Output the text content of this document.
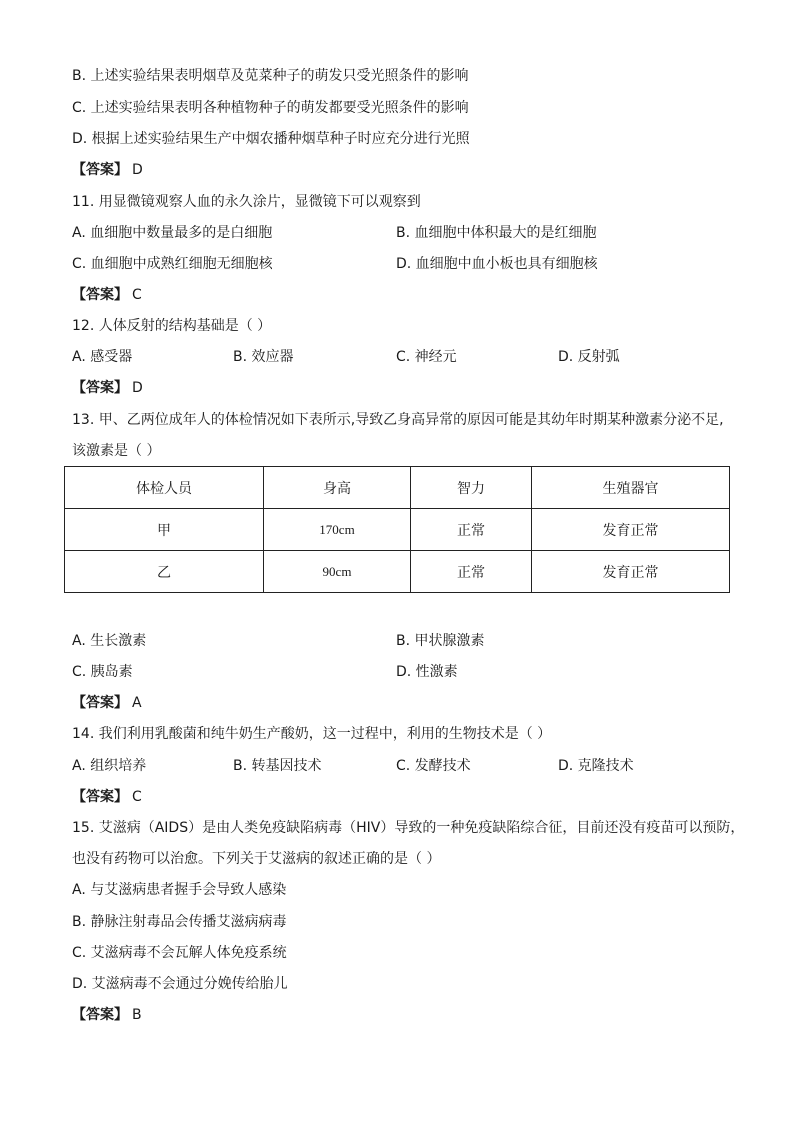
B. 上述实验结果表明烟草及苋菜种子的萌发只受光照条件的影响
C. 上述实验结果表明各种植物种子的萌发都要受光照条件的影响
D. 根据上述实验结果生产中烟农播种烟草种子时应充分进行光照
【答案】 D
11. 用显微镜观察人血的永久涂片，显微镜下可以观察到
A. 血细胞中数量最多的是白细胞	B. 血细胞中体积最大的是红细胞
C. 血细胞中成熟红细胞无细胞核	D. 血细胞中血小板也具有细胞核
【答案】 C
12. 人体反射的结构基础是（ ）
A. 感受器	B. 效应器	C. 神经元	D. 反射弧
【答案】 D
13. 甲、乙两位成年人的体检情况如下表所示,导致乙身高异常的原因可能是其幼年时期某种激素分泌不足,
该激素是（ ）
体检人员	身高	智力	生殖器官
甲	170cm	正常	发育正常
乙	90cm	正常	发育正常
A. 生长激素	B. 甲状腺激素
C. 胰岛素	D. 性激素
【答案】 A
14. 我们利用乳酸菌和纯牛奶生产酸奶，这一过程中，利用的生物技术是（ ）
A. 组织培养	B. 转基因技术	C. 发酵技术	D. 克隆技术
【答案】 C
15. 艾滋病（AIDS）是由人类免疫缺陷病毒（HIV）导致的一种免疫缺陷综合征，目前还没有疫苗可以预防，
也没有药物可以治愈。下列关于艾滋病的叙述正确的是（ ）
A. 与艾滋病患者握手会导致人感染
B. 静脉注射毒品会传播艾滋病病毒
C. 艾滋病毒不会瓦解人体免疫系统
D. 艾滋病毒不会通过分娩传给胎儿
【答案】 B
